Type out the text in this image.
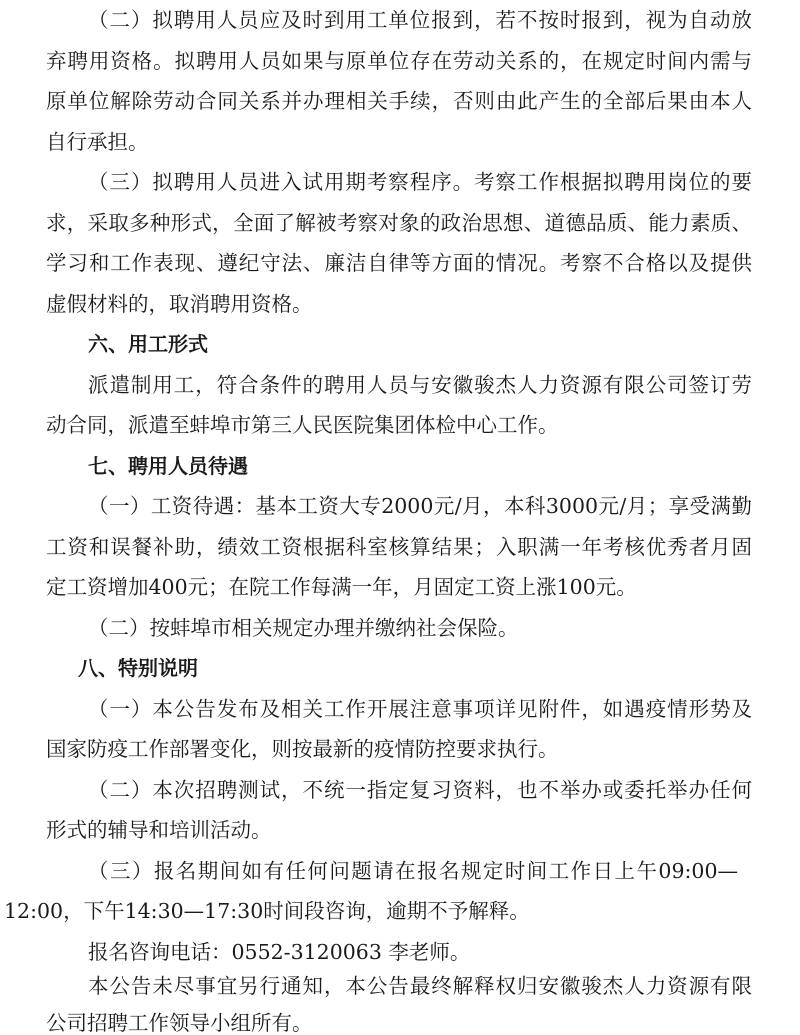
（二）拟聘用人员应及时到用工单位报到，若不按时报到，视为自动放
弃聘用资格。拟聘用人员如果与原单位存在劳动关系的，在规定时间内需与
原单位解除劳动合同关系并办理相关手续，否则由此产生的全部后果由本人
自行承担。
（三）拟聘用人员进入试用期考察程序。考察工作根据拟聘用岗位的要
求，采取多种形式，全面了解被考察对象的政治思想、道德品质、能力素质、
学习和工作表现、遵纪守法、廉洁自律等方面的情况。考察不合格以及提供
虚假材料的，取消聘用资格。
六、用工形式
派遣制用工，符合条件的聘用人员与安徽骏杰人力资源有限公司签订劳
动合同，派遣至蚌埠市第三人民医院集团体检中心工作。
七、聘用人员待遇
（一）工资待遇：基本工资大专2000元/月，本科3000元/月；享受满勤
工资和误餐补助，绩效工资根据科室核算结果；入职满一年考核优秀者月固
定工资增加400元；在院工作每满一年，月固定工资上涨100元。
（二）按蚌埠市相关规定办理并缴纳社会保险。
八、特别说明
（一）本公告发布及相关工作开展注意事项详见附件，如遇疫情形势及
国家防疫工作部署变化，则按最新的疫情防控要求执行。
（二）本次招聘测试，不统一指定复习资料，也不举办或委托举办任何
形式的辅导和培训活动。
（三）报名期间如有任何问题请在报名规定时间工作日上午09:00—
12:00，下午14:30—17:30时间段咨询，逾期不予解释。
报名咨询电话：0552-3120063 李老师。
本公告未尽事宜另行通知，本公告最终解释权归安徽骏杰人力资源有限
公司招聘工作领导小组所有。
